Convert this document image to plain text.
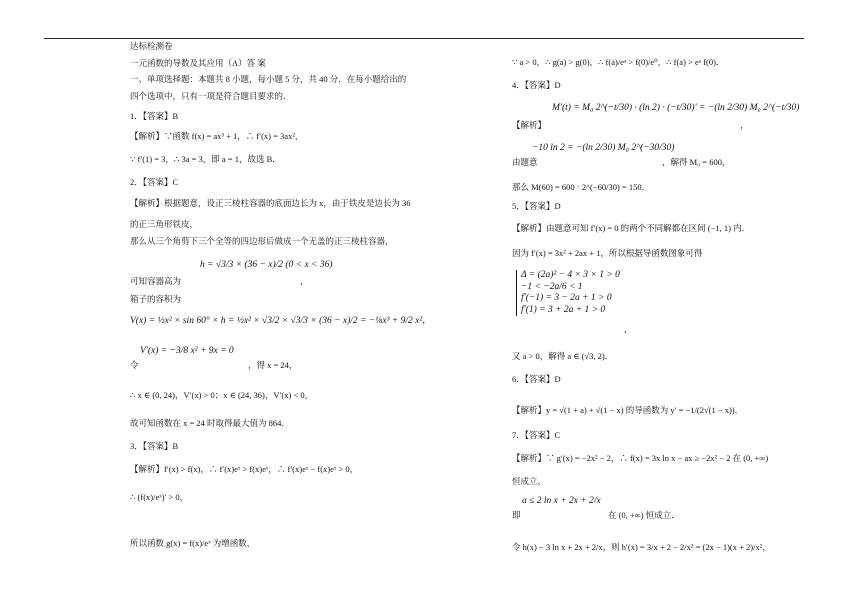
达标检测卷
一元函数的导数及其应用（A）答 案
一、单项选择题：本题共 8 小题，每小题 5 分，共 40 分．在每小题给出的
四个选项中，只有一项是符合题目要求的．
1．【答案】B
【解析】∵函数 f(x) = ax³ + 1，∴ f′(x) = 3ax²，
∵ f′(1) = 3，∴ 3a = 3，即 a = 1，故选 B．
2．【答案】C
【解析】根据题意，设正三棱柱容器的底面边长为 x，由于铁皮是边长为 36
的正三角形铁皮，
那么从三个角剪下三个全等的四边形后做成一个无盖的正三棱柱容器，
h = √3/3 × (36 − x)/2 (0 < x < 36)
可知容器高为	，
箱子的容积为
V(x) = ½x² × sin 60° × h = ½x² × √3/2 × √3/3 × (36 − x)/2 = −⅛x³ + 9/2 x²，
V′(x) = −3/8 x² + 9x = 0
令	，得 x = 24，
∴ x ∈ (0, 24)，V′(x) > 0；x ∈ (24, 36)，V′(x) < 0，
故可知函数在 x = 24 时取得最大值为 864．
3．【答案】B
【解析】f′(x) > f(x)，∴ f′(x)eˣ > f(x)eˣ，∴ f′(x)eˣ − f(x)eˣ > 0，
∴ (f(x)/eˣ)′ > 0，
所以函数 g(x) = f(x)/eˣ 为增函数，
∵ a > 0，∴ g(a) > g(0)，∴ f(a)/eᵃ > f(0)/e⁰，∴ f(a) > eᵃ f(0)．
4．【答案】D
M′(t) = M₀ 2^(−t/30) · (ln 2) · (−t/30)′ = −(ln 2/30) M₀ 2^(−t/30)
【解析】	，
−10 ln 2 = −(ln 2/30) M₀ 2^(−30/30)
由题意	，解得 M₀ = 600，
那么 M(60) = 600 · 2^(−60/30) = 150．
5．【答案】D
【解析】由题意可知 f′(x) = 0 的两个不同解都在区间 (−1, 1) 内．
因为 f′(x) = 3x² + 2ax + 1，所以根据导函数图象可得
Δ = (2a)² − 4 × 3 × 1 > 0
−1 < −2a/6 < 1
f′(−1) = 3 − 2a + 1 > 0
f′(1) = 3 + 2a + 1 > 0
，
又 a > 0，解得 a ∈ (√3, 2)．
6．【答案】D
【解析】y = √(1 + a) + √(1 − x) 的导函数为 y′ = −1/(2√(1 − x))．
7．【答案】C
【解析】∵ g′(x) = −2x² − 2，∴ f(x) = 3x ln x − ax ≥ −2x² − 2 在 (0, +∞)
恒成立，
a ≤ 2 ln x + 2x + 2/x
即	在 (0, +∞) 恒成立．
令 h(x) − 3 ln x + 2x + 2/x，则 h′(x) = 3/x + 2 − 2/x² = (2x − 1)(x + 2)/x²，
